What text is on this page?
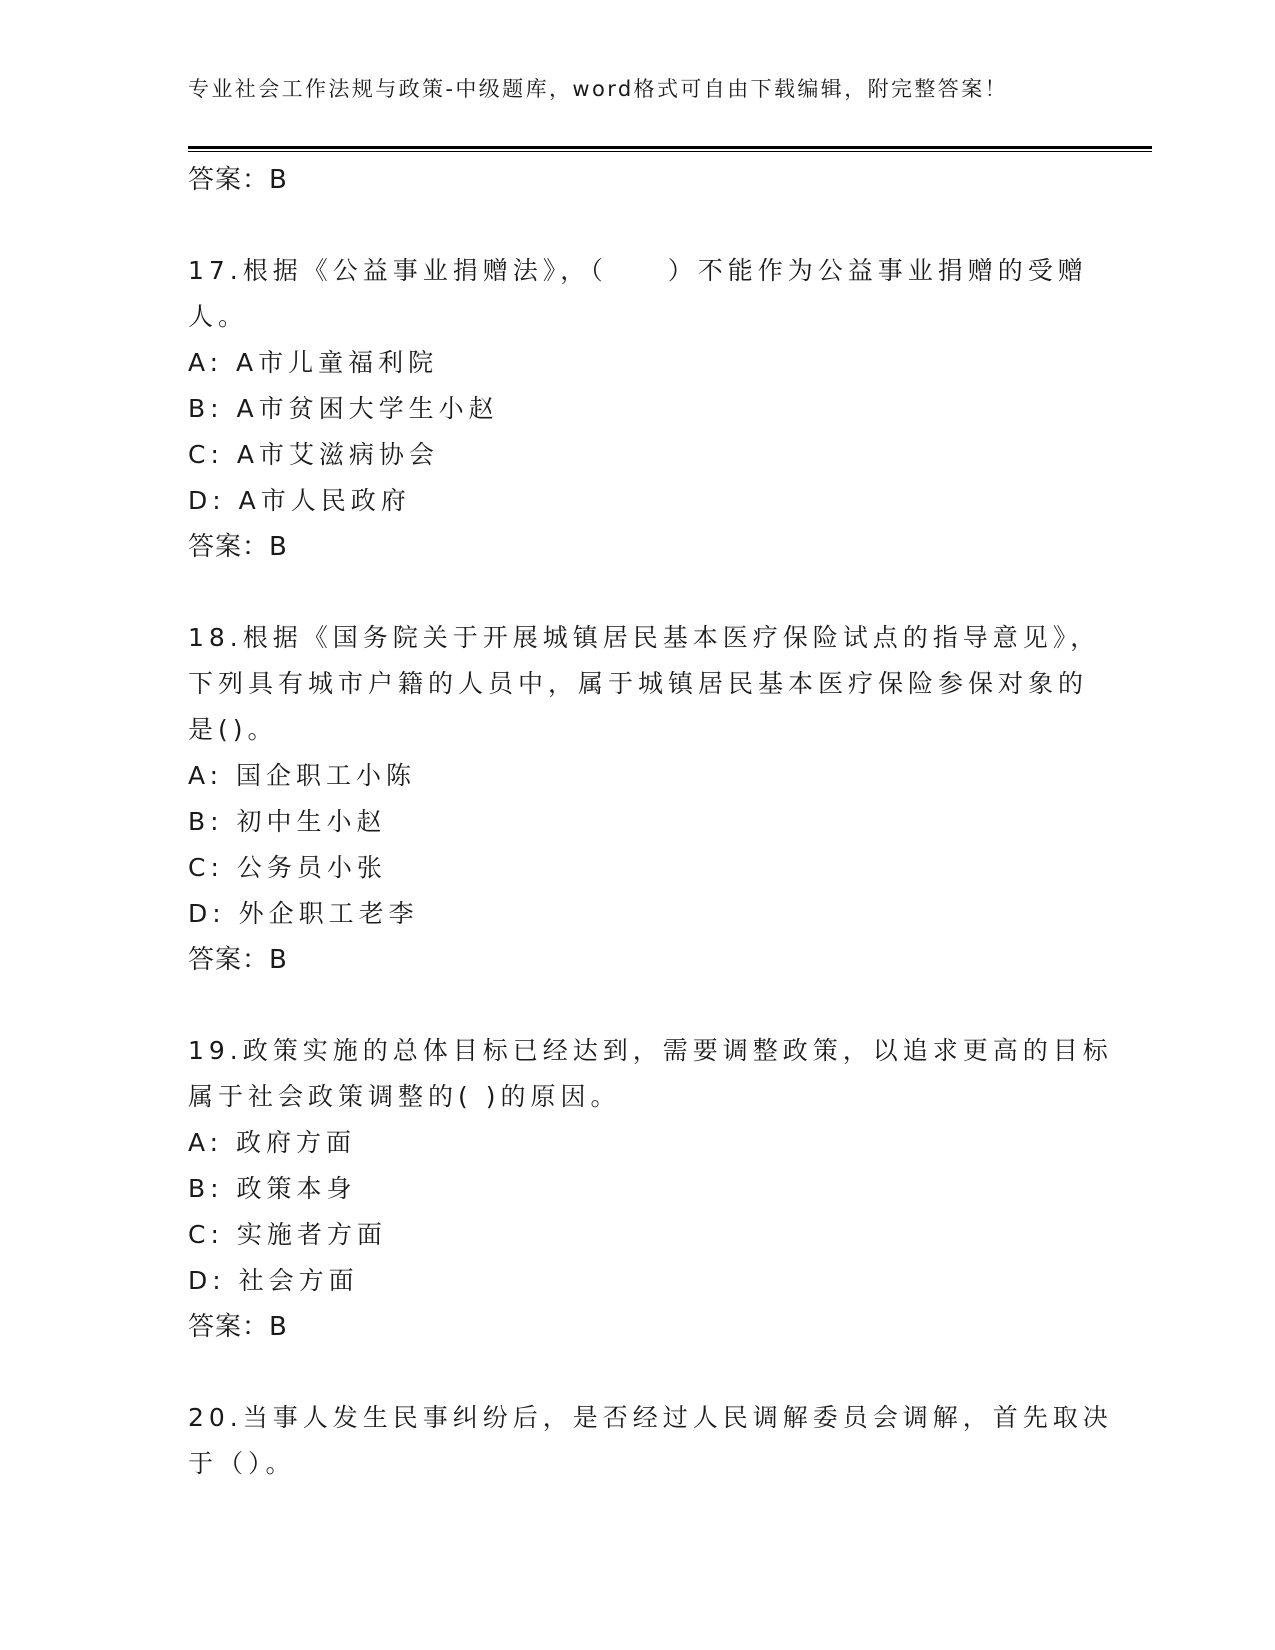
专业社会工作法规与政策-中级题库，word格式可自由下载编辑，附完整答案！
答案：B
17.根据《公益事业捐赠法》，（　　）不能作为公益事业捐赠的受赠
人。
A: A市儿童福利院
B: A市贫困大学生小赵
C: A市艾滋病协会
D: A市人民政府
答案：B
18.根据《国务院关于开展城镇居民基本医疗保险试点的指导意见》，
下列具有城市户籍的人员中，属于城镇居民基本医疗保险参保对象的
是()。
A: 国企职工小陈
B: 初中生小赵
C: 公务员小张
D: 外企职工老李
答案：B
19.政策实施的总体目标已经达到，需要调整政策，以追求更高的目标
属于社会政策调整的( )的原因。
A: 政府方面
B: 政策本身
C: 实施者方面
D: 社会方面
答案：B
20.当事人发生民事纠纷后，是否经过人民调解委员会调解，首先取决
于（）。
